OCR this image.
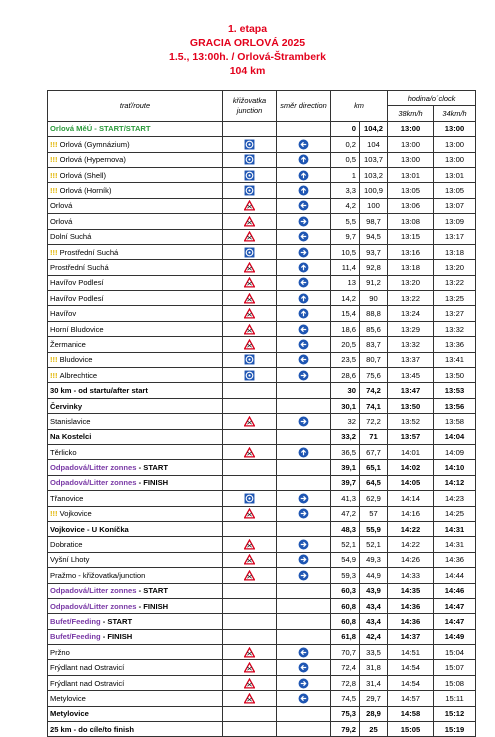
1. etapa
GRACIA ORLOVÁ 2025
1.5., 13:00h. / Orlová-Štramberk
104 km
trať/route	křižovatka junction	směr direction	km		hodina/o´clock	
					38km/h	34km/h
Orlová MěÚ - START/START			0	104,2	13:00	13:00
!!! Orlová (Gymnázium)			0,2	104	13:00	13:00
!!! Orlová (Hypernova)			0,5	103,7	13:00	13:00
!!! Orlová (Shell)			1	103,2	13:01	13:01
!!! Orlová (Horník)			3,3	100,9	13:05	13:05
Orlová			4,2	100	13:06	13:07
Orlová			5,5	98,7	13:08	13:09
Dolní Suchá			9,7	94,5	13:15	13:17
!!! Prostřední Suchá			10,5	93,7	13:16	13:18
Prostřední Suchá			11,4	92,8	13:18	13:20
Havířov Podlesí			13	91,2	13:20	13:22
Havířov Podlesí			14,2	90	13:22	13:25
Havířov			15,4	88,8	13:24	13:27
Horní Bludovice			18,6	85,6	13:29	13:32
Žermanice			20,5	83,7	13:32	13:36
!!! Bludovice			23,5	80,7	13:37	13:41
!!! Albrechtice			28,6	75,6	13:45	13:50
30 km - od startu/after start			30	74,2	13:47	13:53
Červinky			30,1	74,1	13:50	13:56
Stanislavice			32	72,2	13:52	13:58
Na Kostelci			33,2	71	13:57	14:04
Těrlicko			36,5	67,7	14:01	14:09
Odpadová/Litter zonnes - START			39,1	65,1	14:02	14:10
Odpadová/Litter zonnes - FINISH			39,7	64,5	14:05	14:12
Třanovice			41,3	62,9	14:14	14:23
!!! Vojkovice			47,2	57	14:16	14:25
Vojkovice - U Koníčka			48,3	55,9	14:22	14:31
Dobratice			52,1	52,1	14:22	14:31
Vyšní Lhoty			54,9	49,3	14:26	14:36
Pražmo - křižovatka/junction			59,3	44,9	14:33	14:44
Odpadová/Litter zonnes - START			60,3	43,9	14:35	14:46
Odpadová/Litter zonnes - FINISH			60,8	43,4	14:36	14:47
Bufet/Feeding - START			60,8	43,4	14:36	14:47
Bufet/Feeding - FINISH			61,8	42,4	14:37	14:49
Pržno			70,7	33,5	14:51	15:04
Frýdlant nad Ostravicí			72,4	31,8	14:54	15:07
Frýdlant nad Ostravicí			72,8	31,4	14:54	15:08
Metylovice			74,5	29,7	14:57	15:11
Metylovice			75,3	28,9	14:58	15:12
25 km - do cíle/to finish			79,2	25	15:05	15:19
